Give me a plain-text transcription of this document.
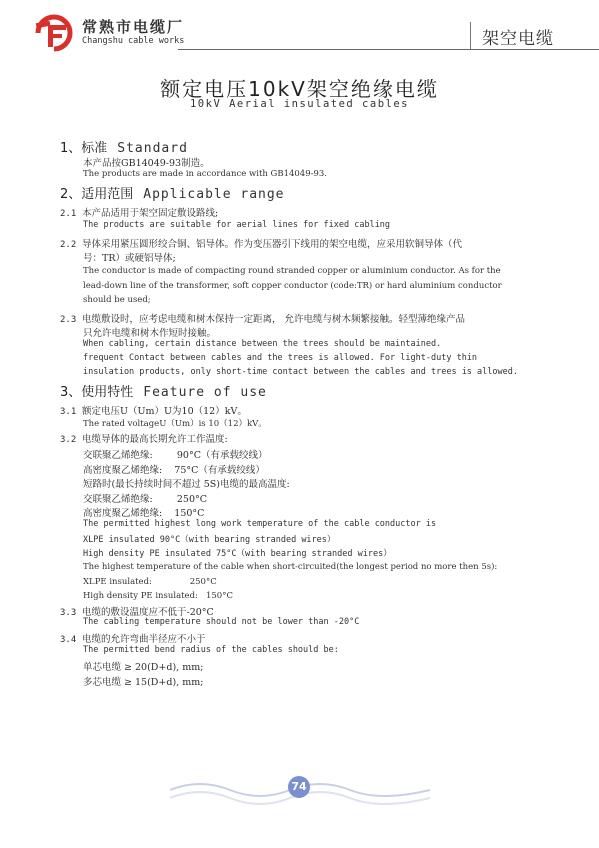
常熟市电缆厂
Changshu cable works	架空电缆
额定电压10kV架空绝缘电缆
10kV Aerial insulated cables
1、标准 Standard
本产品按GB14049-93制造。
The products are made in accordance with GB14049-93.
2、适用范围 Applicable range
2.1 本产品适用于架空固定敷设路线;
The products are suitable for aerial lines for fixed cabling
2.2 导体采用紧压圆形绞合铜、铝导体。作为变压器引下线用的架空电缆，应采用软铜导体（代
号：TR）或硬铝导体;
The conductor is made of compacting round stranded copper or aluminium conductor. As for the
lead-down line of the transformer, soft copper conductor (code:TR) or hard aluminium conductor
should be used;
2.3 电缆敷设时，应考虑电缆和树木保持一定距离， 允许电缆与树木频繁接触。轻型薄绝缘产品
只允许电缆和树木作短时接触。
When cabling, certain distance between the trees should be maintained.
frequent Contact between cables and the trees is allowed. For light-duty thin
insulation products, only short-time contact between the cables and trees is allowed.
3、使用特性 Feature of use
3.1 额定电压U（Um）U为10（12）kV。
The rated voltageU（Um）is 10（12）kV。
3.2 电缆导体的最高长期允许工作温度:
交联聚乙烯绝缘:        90°C（有承载绞线）
高密度聚乙烯绝缘:    75°C（有承载绞线）
短路时(最长持续时间不超过 5S)电缆的最高温度:
交联聚乙烯绝缘:        250°C
高密度聚乙烯绝缘:    150°C
The permitted highest long work temperature of the cable conductor is
XLPE insulated 90°C（with bearing stranded wires）
High density PE insulated 75°C（with bearing stranded wires）
The highest temperature of the cable when short-circuited(the longest period no more then 5s):
XLPE insulated:              250°C
High density PE insulated:   150°C
3.3 电缆的敷设温度应不低于-20°C
The cabling temperature should not be lower than -20°C
3.4 电缆的允许弯曲半径应不小于
The permitted bend radius of the cables should be:
单芯电缆 ≥ 20(D+d), mm;
多芯电缆 ≥ 15(D+d), mm;
74
